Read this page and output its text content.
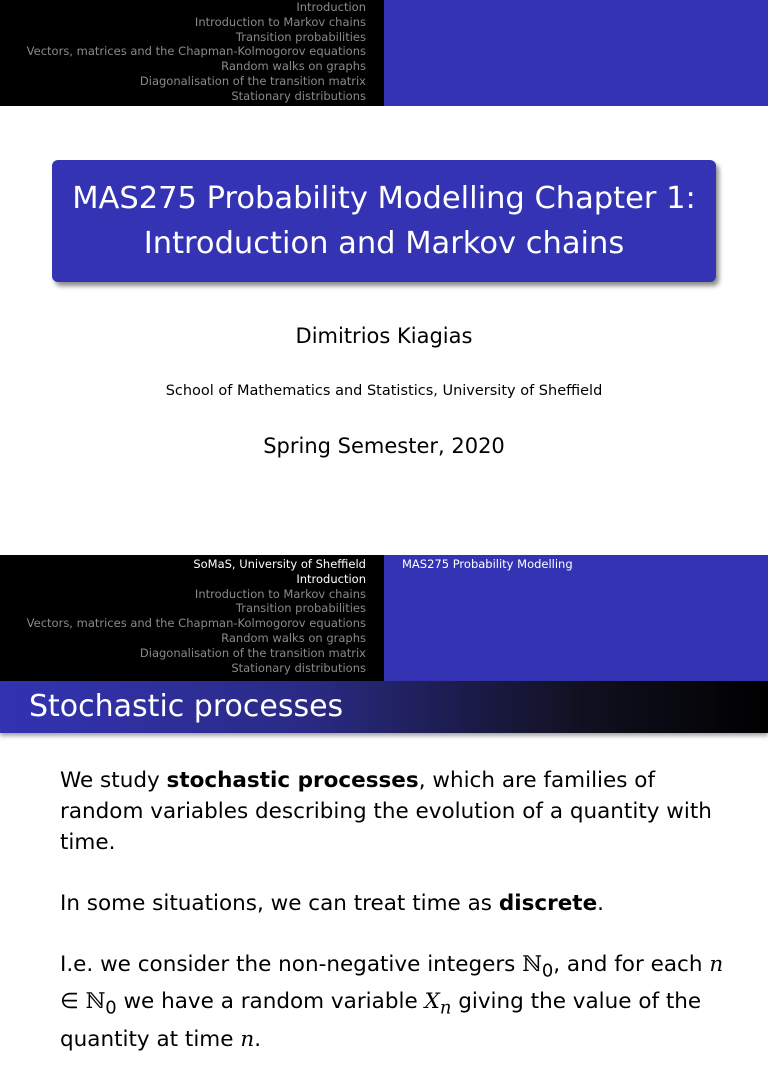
Introduction
Introduction to Markov chains
Transition probabilities
Vectors, matrices and the Chapman-Kolmogorov equations
Random walks on graphs
Diagonalisation of the transition matrix
Stationary distributions
MAS275 Probability Modelling Chapter 1:
Introduction and Markov chains
Dimitrios Kiagias
School of Mathematics and Statistics, University of Sheffield
Spring Semester, 2020
SoMaS, University of Sheffield
Introduction
Introduction to Markov chains
Transition probabilities
Vectors, matrices and the Chapman-Kolmogorov equations
Random walks on graphs
Diagonalisation of the transition matrix
Stationary distributions
MAS275 Probability Modelling
Stochastic processes

We study stochastic processes, which are families of random variables describing the evolution of a quantity with time.

In some situations, we can treat time as discrete.

I.e. we consider the non-negative integers ℕ$_0$, and for each n ∈ ℕ$_0$ we have a random variable $X_n$ giving the value of the quantity at time n.
